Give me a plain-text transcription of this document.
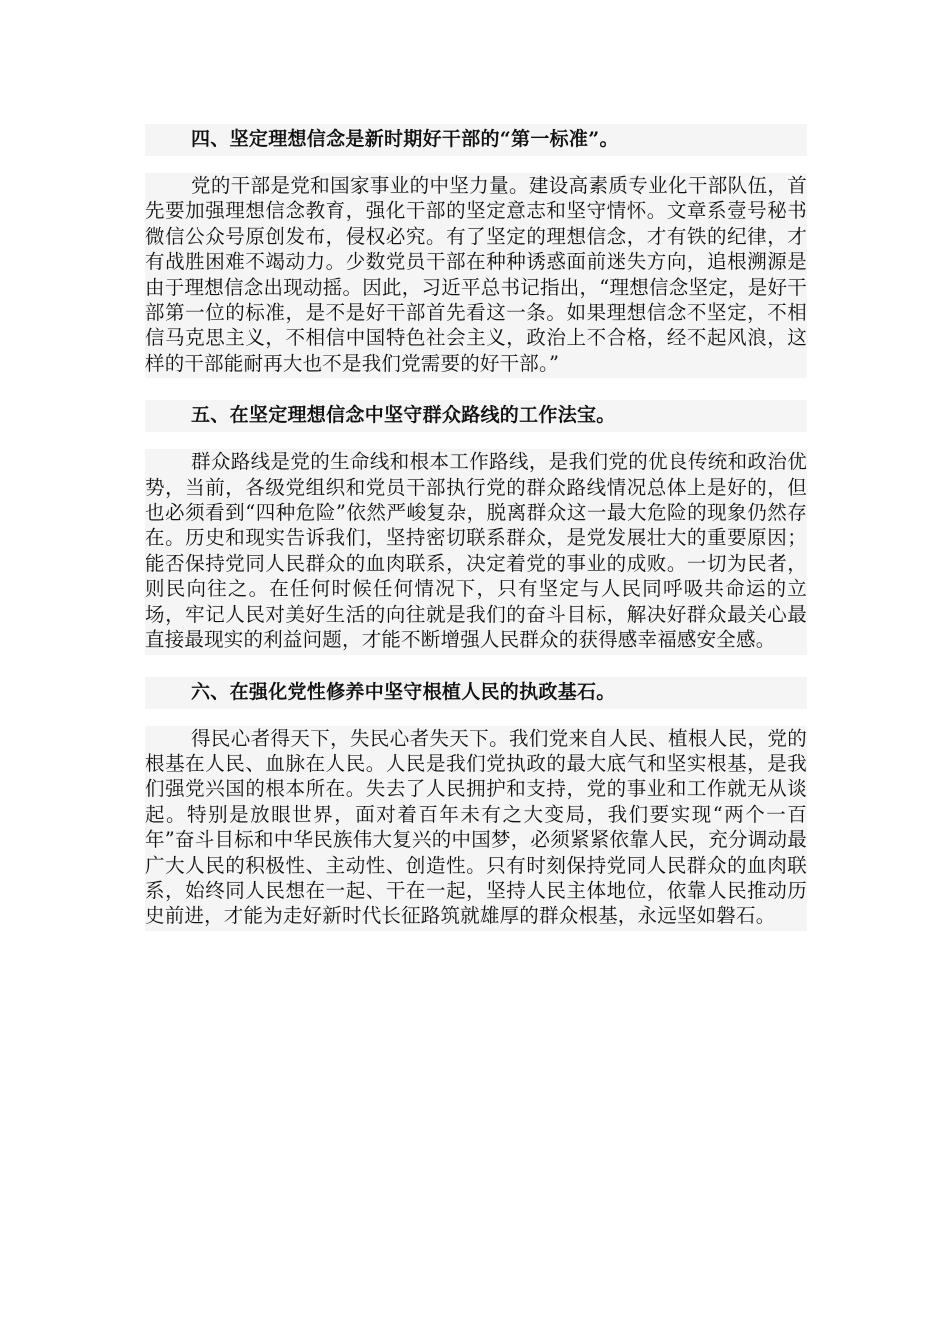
四、坚定理想信念是新时期好干部的“第一标准”。

党的干部是党和国家事业的中坚力量。建设高素质专业化干部队伍，首先要加强理想信念教育，强化干部的坚定意志和坚守情怀。文章系壹号秘书微信公众号原创发布，侵权必究。有了坚定的理想信念，才有铁的纪律，才有战胜困难不竭动力。少数党员干部在种种诱惑面前迷失方向，追根溯源是由于理想信念出现动摇。因此，习近平总书记指出，“理想信念坚定，是好干部第一位的标准，是不是好干部首先看这一条。如果理想信念不坚定，不相信马克思主义，不相信中国特色社会主义，政治上不合格，经不起风浪，这样的干部能耐再大也不是我们党需要的好干部。”

五、在坚定理想信念中坚守群众路线的工作法宝。

群众路线是党的生命线和根本工作路线，是我们党的优良传统和政治优势，当前，各级党组织和党员干部执行党的群众路线情况总体上是好的，但也必须看到“四种危险”依然严峻复杂，脱离群众这一最大危险的现象仍然存在。历史和现实告诉我们，坚持密切联系群众，是党发展壮大的重要原因；能否保持党同人民群众的血肉联系，决定着党的事业的成败。一切为民者，则民向往之。在任何时候任何情况下，只有坚定与人民同呼吸共命运的立场，牢记人民对美好生活的向往就是我们的奋斗目标，解决好群众最关心最直接最现实的利益问题，才能不断增强人民群众的获得感幸福感安全感。

六、在强化党性修养中坚守根植人民的执政基石。

得民心者得天下，失民心者失天下。我们党来自人民、植根人民，党的根基在人民、血脉在人民。人民是我们党执政的最大底气和坚实根基，是我们强党兴国的根本所在。失去了人民拥护和支持，党的事业和工作就无从谈起。特别是放眼世界，面对着百年未有之大变局，我们要实现“两个一百年”奋斗目标和中华民族伟大复兴的中国梦，必须紧紧依靠人民，充分调动最广大人民的积极性、主动性、创造性。只有时刻保持党同人民群众的血肉联系，始终同人民想在一起、干在一起，坚持人民主体地位，依靠人民推动历史前进，才能为走好新时代长征路筑就雄厚的群众根基，永远坚如磐石。
